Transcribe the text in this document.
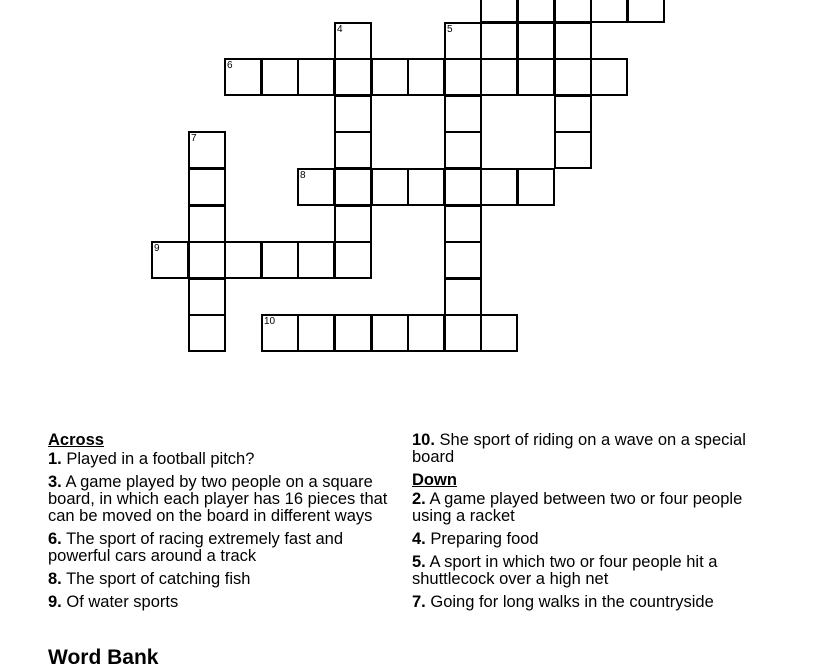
4	5
6
7
8
9
10
Across
1. Played in a football pitch?
3. A game played by two people on a square board, in which each player has 16 pieces that can be moved on the board in different ways
6. The sport of racing extremely fast and powerful cars around a track
8. The sport of catching fish
9. Of water sports
10. She sport of riding on a wave on a special board
Down
2. A game played between two or four people using a racket
4. Preparing food
5. A sport in which two or four people hit a shuttlecock over a high net
7. Going for long walks in the countryside
Word Bank
